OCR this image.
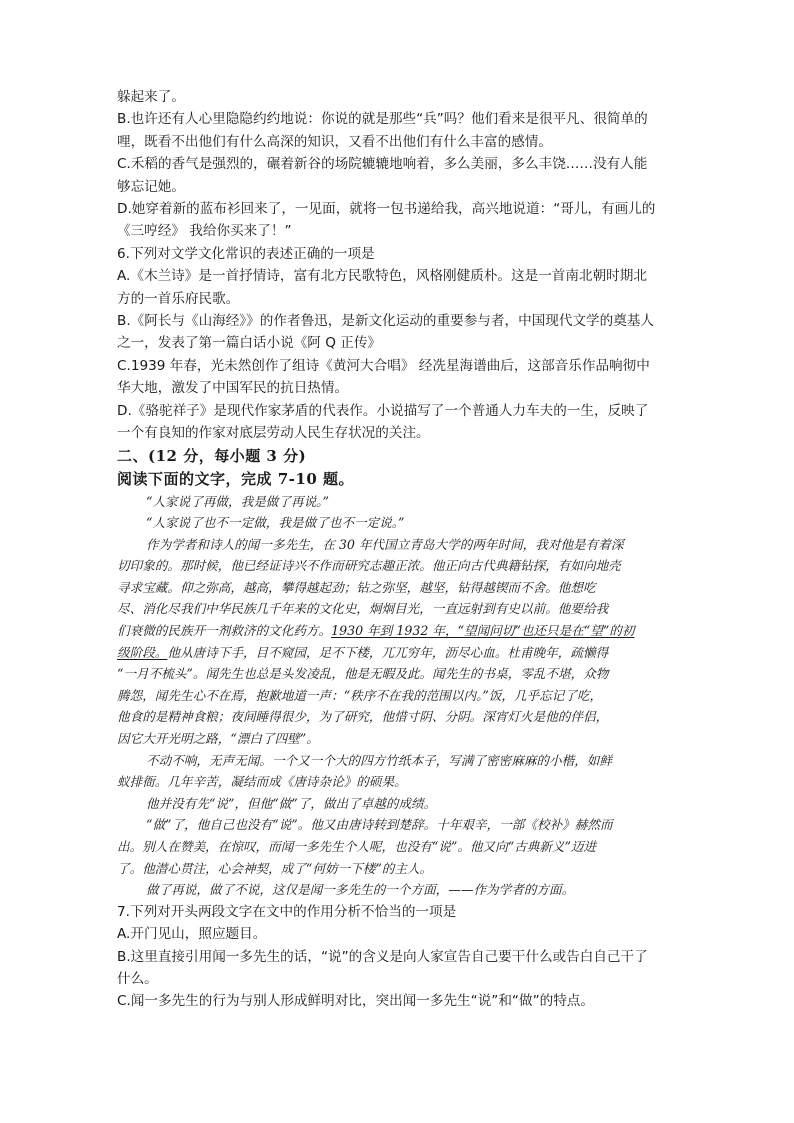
躲起来了。
B.也许还有人心里隐隐约约地说：你说的就是那些“兵”吗？他们看来是很平凡、很简单的
哩，既看不出他们有什么高深的知识，又看不出他们有什么丰富的感情。
C.禾稻的香气是强烈的，碾着新谷的场院辘辘地响着，多么美丽，多么丰饶……没有人能
够忘记她。
D.她穿着新的蓝布衫回来了，一见面，就将一包书递给我，高兴地说道：“哥儿，有画儿的
《三哼经》 我给你买来了！”
6.下列对文学文化常识的表述正确的一项是
A.《木兰诗》是一首抒情诗，富有北方民歌特色，风格刚健质朴。这是一首南北朝时期北
方的一首乐府民歌。
B.《阿长与《山海经》》的作者鲁迅，是新文化运动的重要参与者，中国现代文学的奠基人
之一，发表了第一篇白话小说《阿 Q 正传》
C.1939 年春，光未然创作了组诗《黄河大合唱》 经冼星海谱曲后，这部音乐作品响彻中
华大地，激发了中国军民的抗日热情。
D.《骆驼祥子》是现代作家茅盾的代表作。小说描写了一个普通人力车夫的一生，反映了
一个有良知的作家对底层劳动人民生存状况的关注。
二、(12 分，每小题 3 分)
阅读下面的文字，完成 7-10 题。
“人家说了再做，我是做了再说。”
“人家说了也不一定做，我是做了也不一定说。”
作为学者和诗人的闻一多先生，在 30 年代国立青岛大学的两年时间，我对他是有着深
切印象的。那时候，他已经证诗兴不作而研究志趣正浓。他正向古代典籍钻探，有如向地壳
寻求宝藏。仰之弥高，越高，攀得越起劲；钻之弥坚，越坚，钻得越锲而不舍。他想吃
尽、消化尽我们中华民族几千年来的文化史，炯炯目光，一直远射到有史以前。他要给我
们衰微的民族开一剂救济的文化药方。1930 年到 1932 年，“望闻问切”也还只是在“望”的初
级阶段。他从唐诗下手，目不窥园，足不下楼，兀兀穷年，沥尽心血。杜甫晚年，疏懒得
“一月不梳头”。闻先生也总是头发凌乱，他是无暇及此。闻先生的书桌，零乱不堪，众物
腾怨，闻先生心不在焉，抱歉地道一声：“秩序不在我的范围以内。”饭，几乎忘记了吃，
他食的是精神食粮；夜间睡得很少，为了研究，他惜寸阴、分阴。深宵灯火是他的伴侣，
因它大开光明之路，“漂白了四壁”。
不动不响，无声无闻。一个又一个大的四方竹纸本子，写满了密密麻麻的小楷，如鲜
蚁排衙。几年辛苦，凝结而成《唐诗杂论》的硕果。
他并没有先“说”，但他“做”了，做出了卓越的成绩。
“做”了，他自己也没有“说”。他又由唐诗转到楚辞。十年艰辛，一部《校补》赫然而
出。别人在赞美，在惊叹，而闻一多先生个人呢，也没有“说”。他又向“古典新义”迈进
了。他潜心贯注，心会神契，成了“何妨一下楼”的主人。
做了再说，做了不说，这仅是闻一多先生的一个方面，——作为学者的方面。
7.下列对开头两段文字在文中的作用分析不恰当的一项是
A.开门见山，照应题目。
B.这里直接引用闻一多先生的话，“说”的含义是向人家宣告自己要干什么或告白自己干了
什么。
C.闻一多先生的行为与别人形成鲜明对比，突出闻一多先生“说”和“做”的特点。
